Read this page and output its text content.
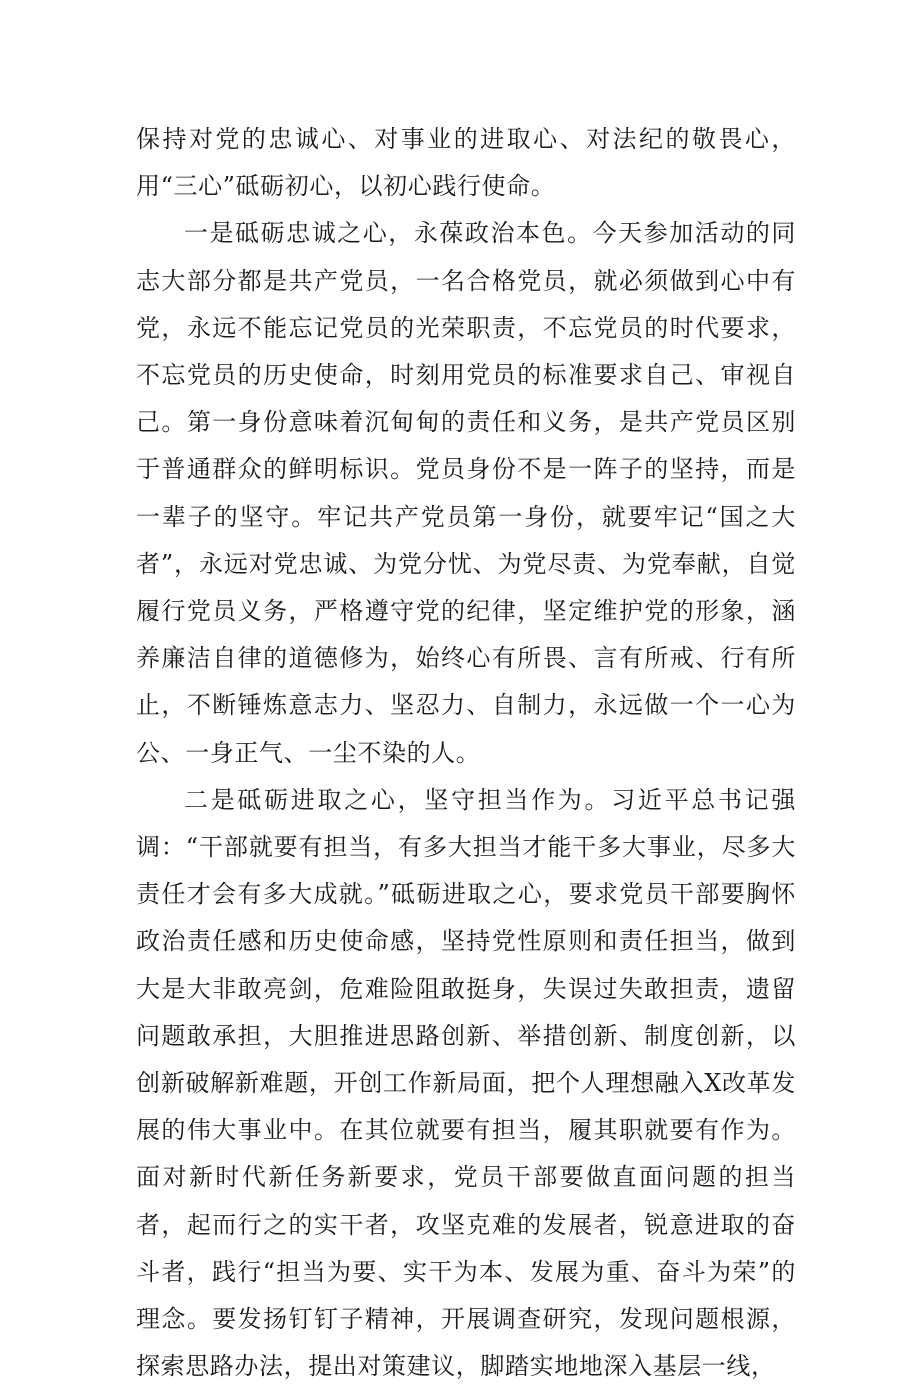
保持对党的忠诚心、对事业的进取心、对法纪的敬畏心，用“三心”砥砺初心，以初心践行使命。

一是砥砺忠诚之心，永葆政治本色。今天参加活动的同志大部分都是共产党员，一名合格党员，就必须做到心中有党，永远不能忘记党员的光荣职责，不忘党员的时代要求，不忘党员的历史使命，时刻用党员的标准要求自己、审视自己。第一身份意味着沉甸甸的责任和义务，是共产党员区别于普通群众的鲜明标识。党员身份不是一阵子的坚持，而是一辈子的坚守。牢记共产党员第一身份，就要牢记“国之大者”，永远对党忠诚、为党分忧、为党尽责、为党奉献，自觉履行党员义务，严格遵守党的纪律，坚定维护党的形象，涵养廉洁自律的道德修为，始终心有所畏、言有所戒、行有所止，不断锤炼意志力、坚忍力、自制力，永远做一个一心为公、一身正气、一尘不染的人。

二是砥砺进取之心，坚守担当作为。习近平总书记强调：“干部就要有担当，有多大担当才能干多大事业，尽多大责任才会有多大成就。”砥砺进取之心，要求党员干部要胸怀政治责任感和历史使命感，坚持党性原则和责任担当，做到大是大非敢亮剑，危难险阻敢挺身，失误过失敢担责，遗留问题敢承担，大胆推进思路创新、举措创新、制度创新，以创新破解新难题，开创工作新局面，把个人理想融入X改革发展的伟大事业中。在其位就要有担当，履其职就要有作为。面对新时代新任务新要求，党员干部要做直面问题的担当者，起而行之的实干者，攻坚克难的发展者，锐意进取的奋斗者，践行“担当为要、实干为本、发展为重、奋斗为荣”的理念。要发扬钉钉子精神，开展调查研究，发现问题根源，探索思路办法，提出对策建议，脚踏实地地深入基层一线，
